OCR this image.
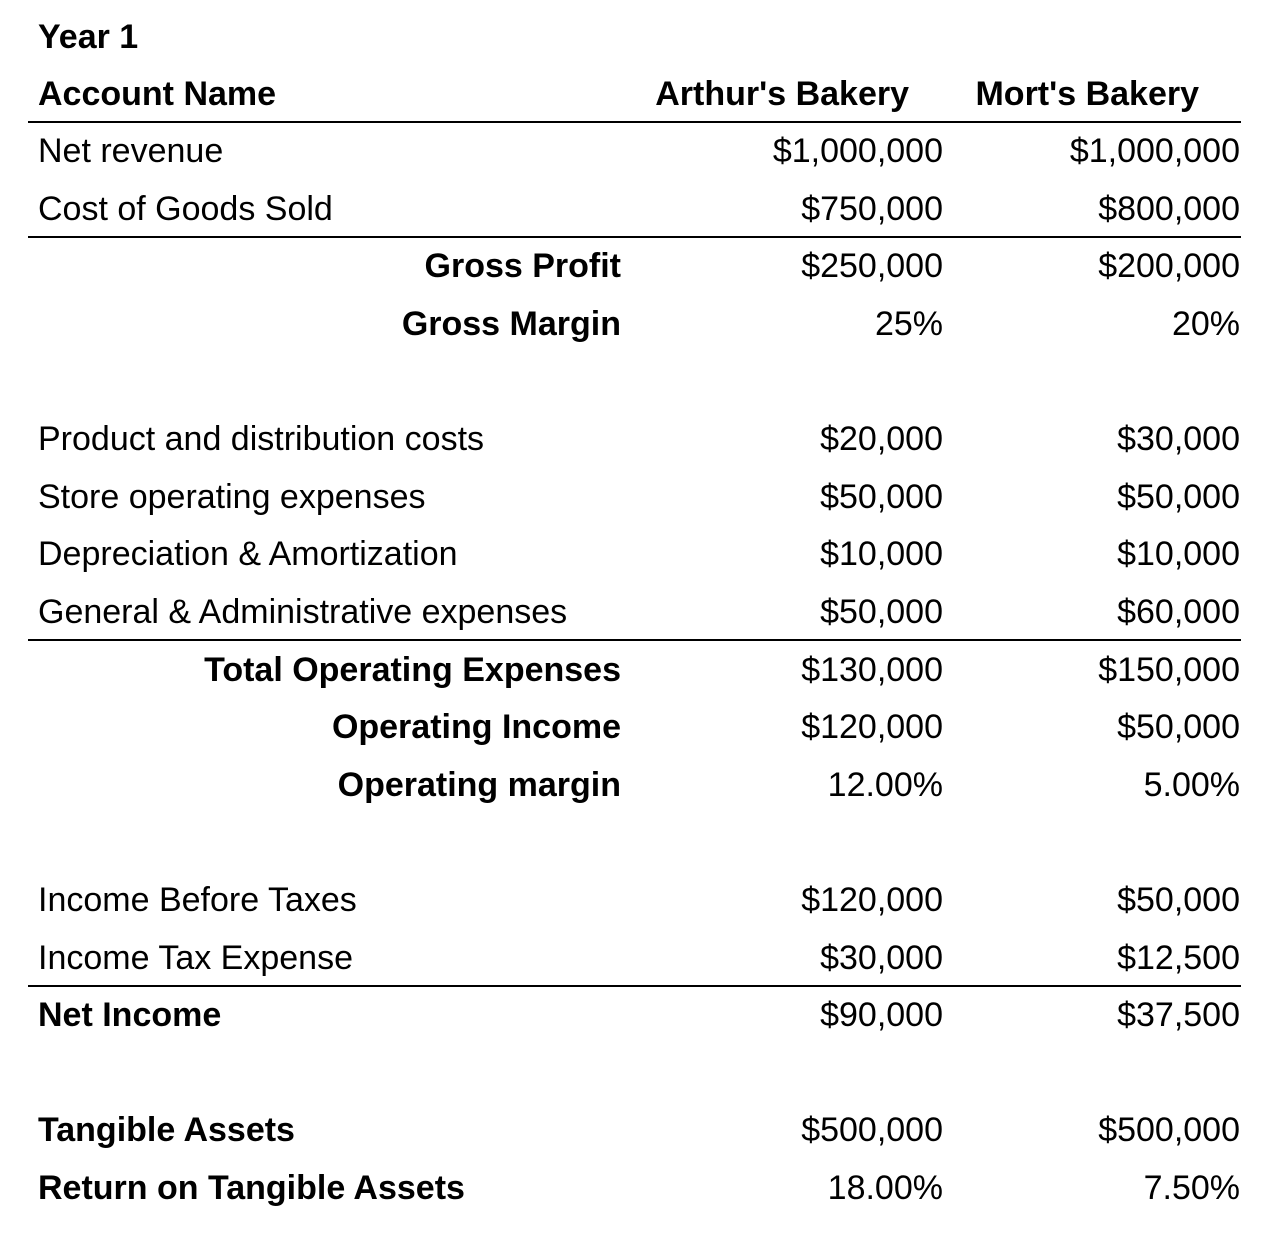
Year 1
Account Name	Arthur's Bakery	Mort's Bakery
Net revenue	$1,000,000	$1,000,000
Cost of Goods Sold	$750,000	$800,000
Gross Profit	$250,000	$200,000
Gross Margin	25%	20%
Product and distribution costs	$20,000	$30,000
Store operating expenses	$50,000	$50,000
Depreciation & Amortization	$10,000	$10,000
General & Administrative expenses	$50,000	$60,000
Total Operating Expenses	$130,000	$150,000
Operating Income	$120,000	$50,000
Operating margin	12.00%	5.00%
Income Before Taxes	$120,000	$50,000
Income Tax Expense	$30,000	$12,500
Net Income	$90,000	$37,500
Tangible Assets	$500,000	$500,000
Return on Tangible Assets	18.00%	7.50%
